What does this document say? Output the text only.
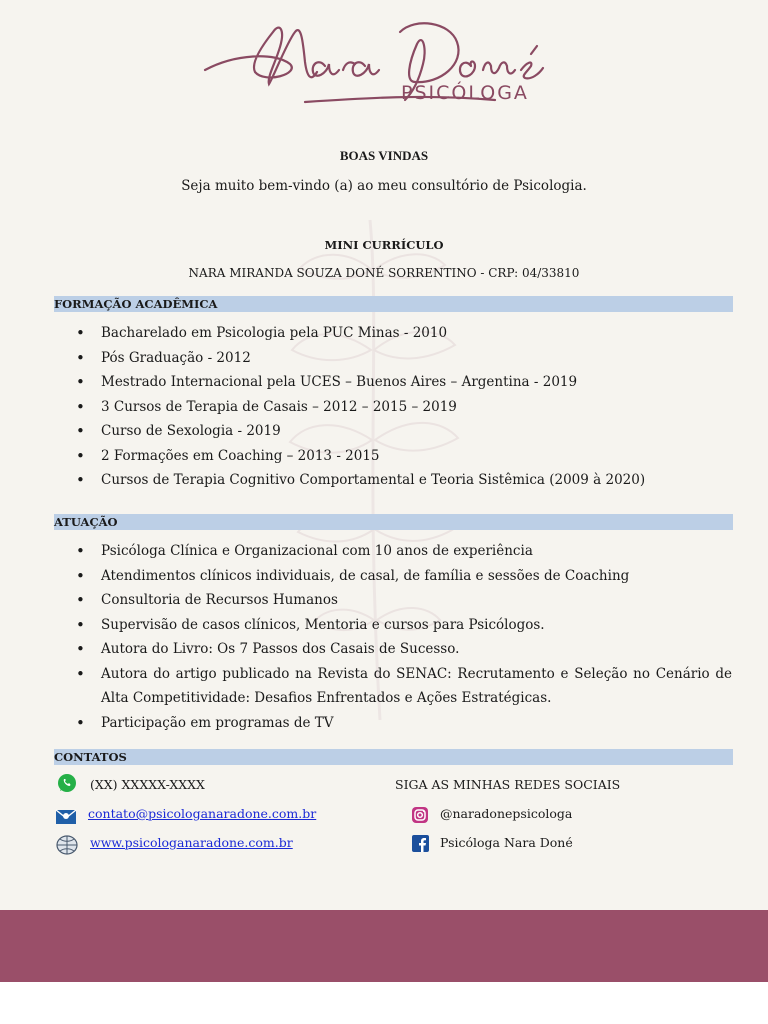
PSICÓLOGA
BOAS VINDAS
Seja muito bem-vindo (a) ao meu consultório de Psicologia.
MINI CURRÍCULO
NARA MIRANDA SOUZA DONÉ SORRENTINO - CRP: 04/33810
FORMAÇÃO ACADÊMICA
• Bacharelado em Psicologia pela PUC Minas - 2010
• Pós Graduação - 2012
• Mestrado Internacional pela UCES – Buenos Aires – Argentina - 2019
• 3 Cursos de Terapia de Casais – 2012 – 2015 – 2019
• Curso de Sexologia - 2019
• 2 Formações em Coaching – 2013 - 2015
• Cursos de Terapia Cognitivo Comportamental e Teoria Sistêmica (2009 à 2020)
ATUAÇÃO
• Psicóloga Clínica e Organizacional com 10 anos de experiência
• Atendimentos clínicos individuais, de casal, de família e sessões de Coaching
• Consultoria de Recursos Humanos
• Supervisão de casos clínicos, Mentoria e cursos para Psicólogos.
• Autora do Livro: Os 7 Passos dos Casais de Sucesso.
• Autora do artigo publicado na Revista do SENAC: Recrutamento e Seleção no Cenário de Alta Competitividade: Desafios Enfrentados e Ações Estratégicas.
• Participação em programas de TV
CONTATOS
(XX) XXXXX-XXXX	SIGA AS MINHAS REDES SOCIAIS
contato@psicologanaradone.com.br	@naradonepsicologa
www.psicologanaradone.com.br	Psicóloga Nara Doné
